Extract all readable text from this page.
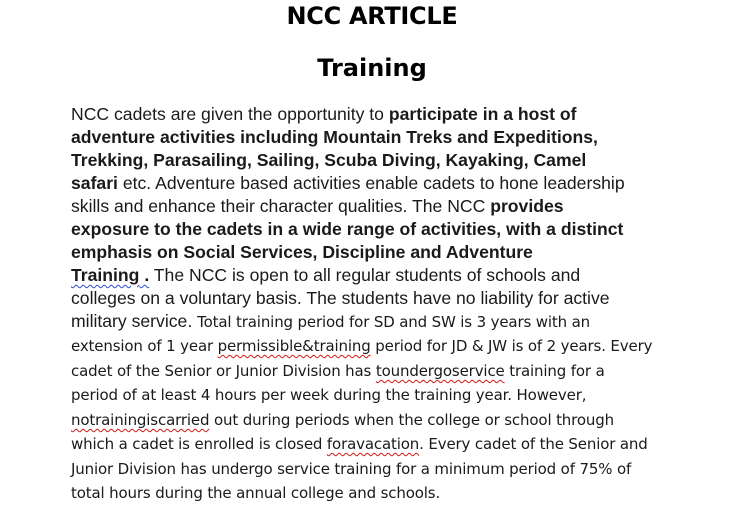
NCC ARTICLE
Training
NCC cadets are given the opportunity to participate in a host of
adventure activities including Mountain Treks and Expeditions,
Trekking, Parasailing, Sailing, Scuba Diving, Kayaking, Camel
safari etc. Adventure based activities enable cadets to hone leadership
skills and enhance their character qualities. The NCC provides
exposure to the cadets in a wide range of activities, with a distinct
emphasis on Social Services, Discipline and Adventure
Training . The NCC is open to all regular students of schools and
colleges on a voluntary basis. The students have no liability for active
military service. Total training period for SD and SW is 3 years with an
extension of 1 year permissible&training period for JD & JW is of 2 years. Every
cadet of the Senior or Junior Division has toundergoservice training for a
period of at least 4 hours per week during the training year. However,
notrainingiscarried out during periods when the college or school through
which a cadet is enrolled is closed foravacation. Every cadet of the Senior and
Junior Division has undergo service training for a minimum period of 75% of
total hours during the annual college and schools.
